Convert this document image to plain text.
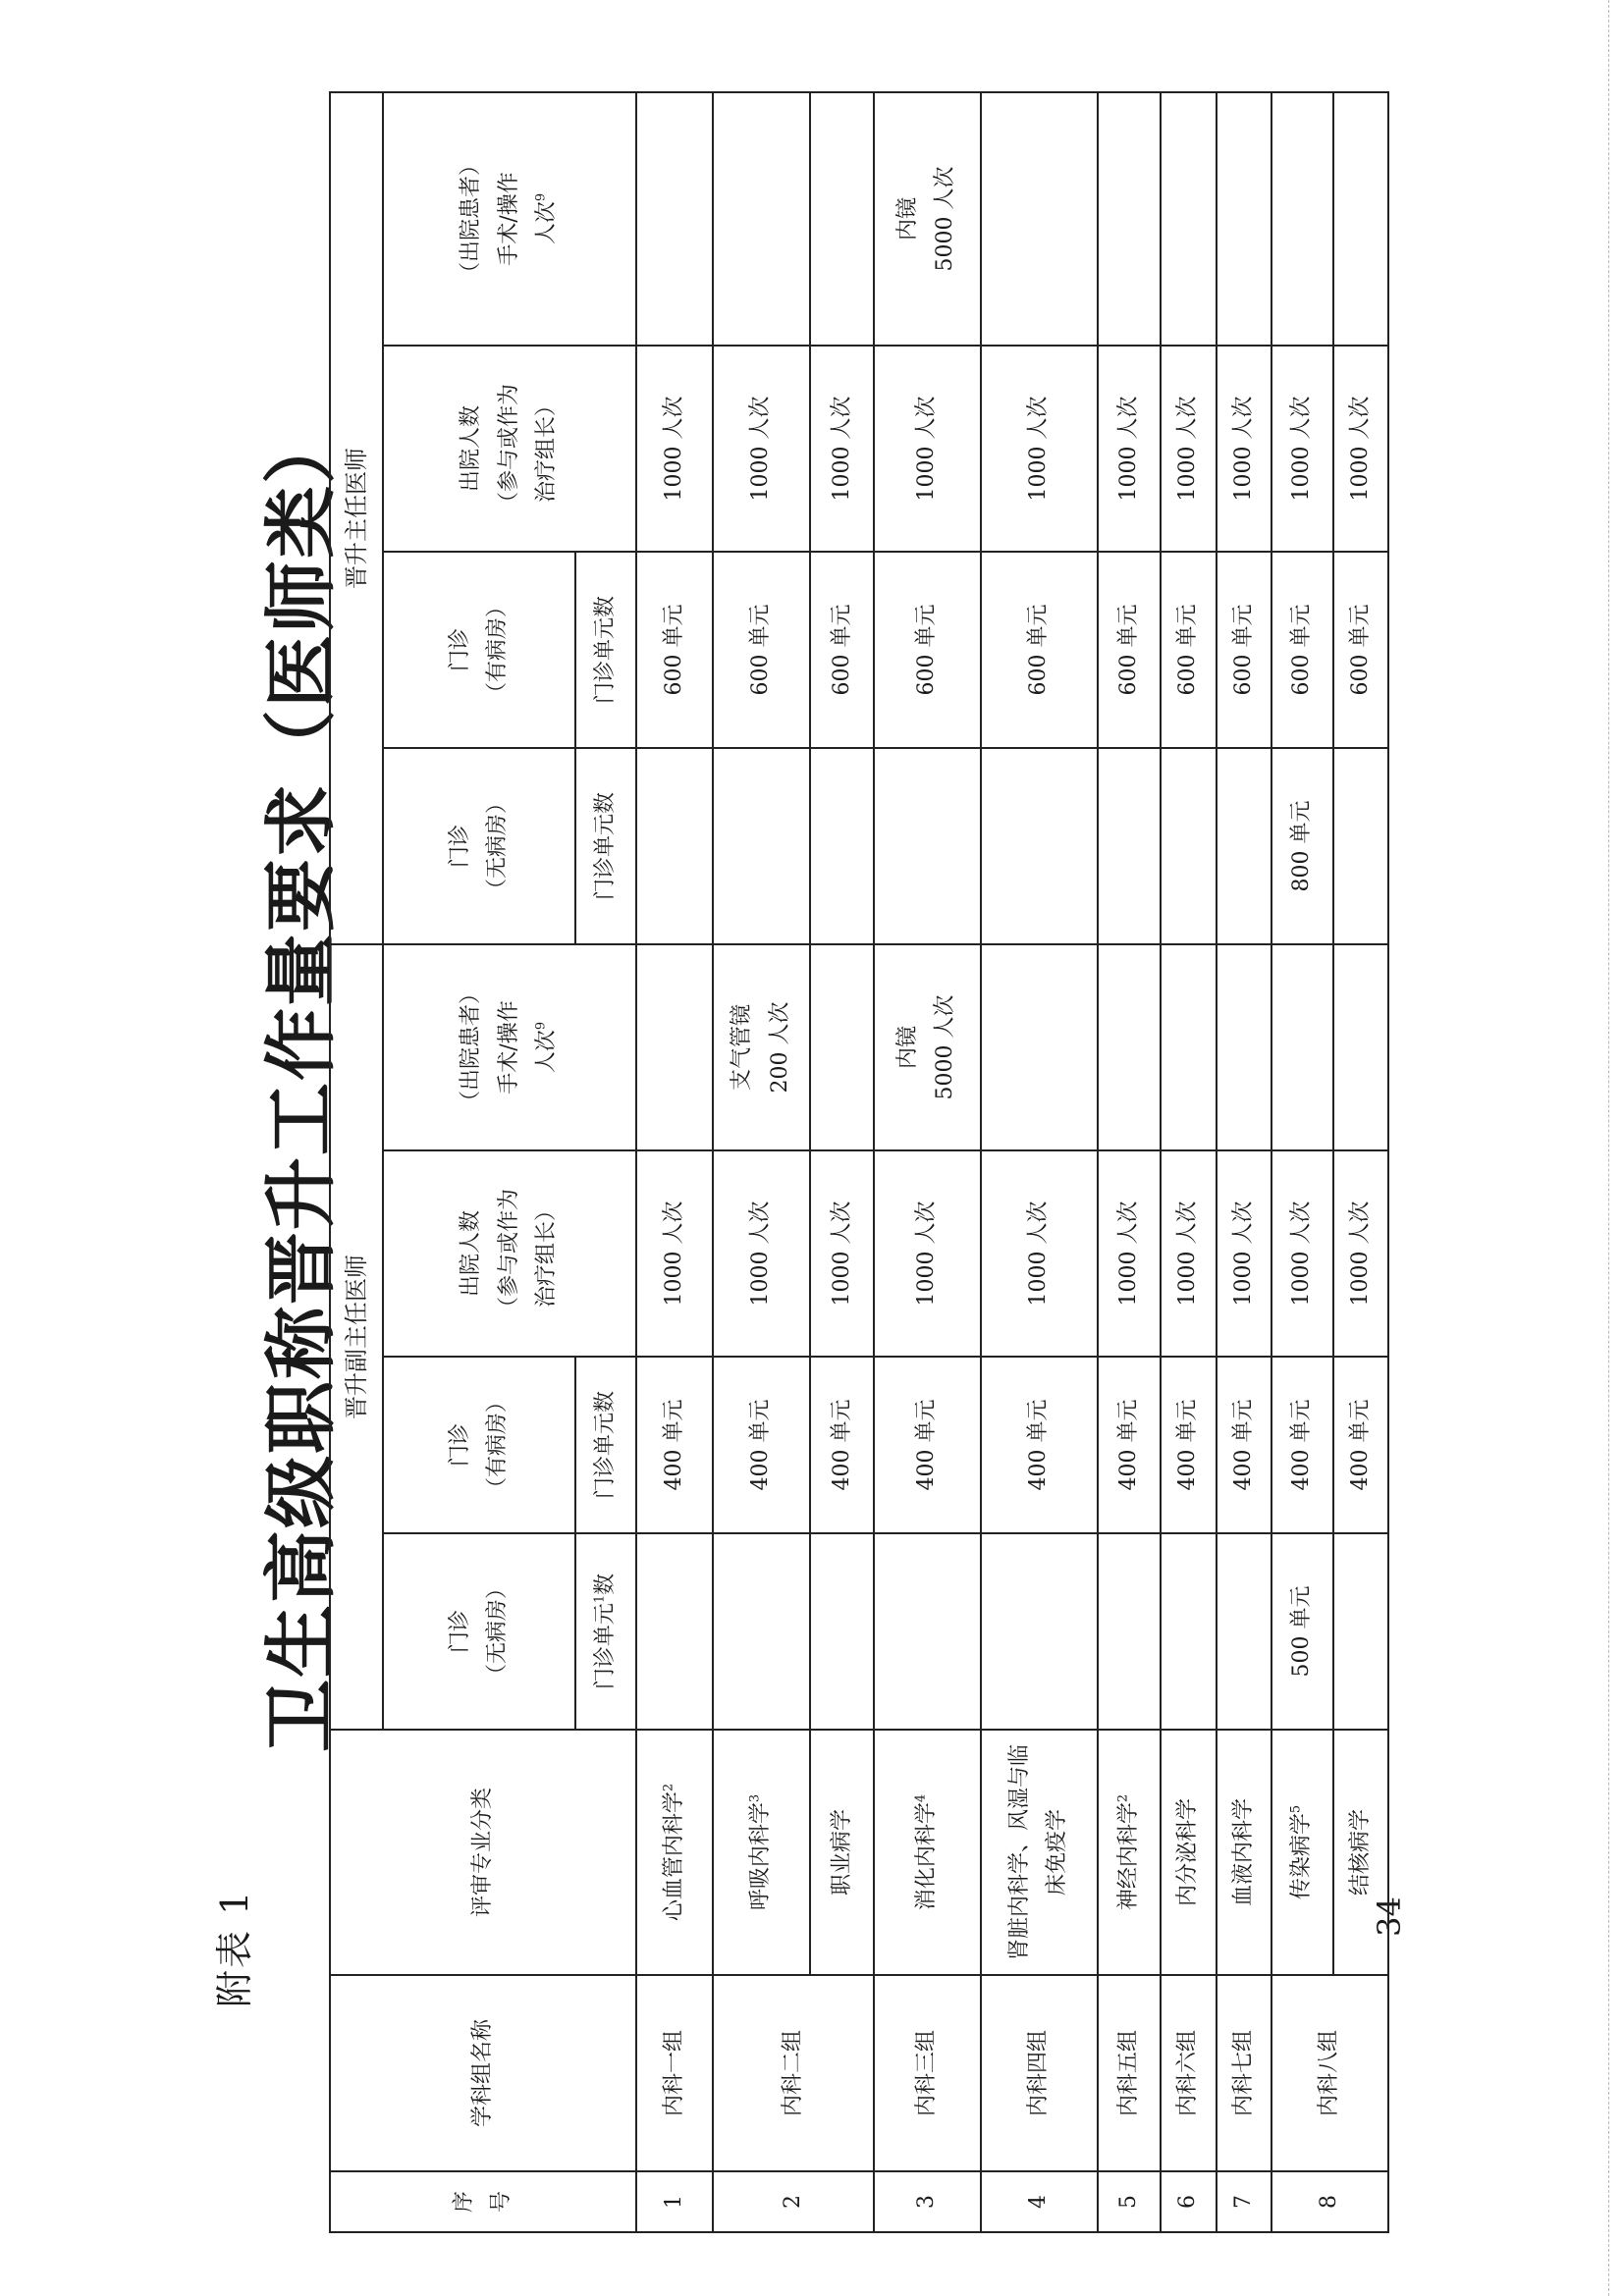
附表 1
卫生高级职称晋升工作量要求（医师类）
－ 34 －
序 号	学科组名称	评审专业分类	晋升副主任医师				晋升主任医师			

			门诊 （无病房）	门诊 （有病房）	出院人数 （参与或作为 治疗组长）	（出院患者） 手术/操作 人次$^9$	门诊 （无病房）	门诊 （有病房）	出院人数 （参与或作为 治疗组长）	（出院患者） 手术/操作 人次$^9$

			门诊单元$^1$数	门诊单元数			门诊单元数	门诊单元数		
1	内科一组	心血管内科学$^2$		400 单元	1000 人次			600 单元	1000 人次	
2	内科二组	呼吸内科学$^3$		400 单元	1000 人次	支气管镜 200 人次		600 单元	1000 人次	
		职业病学		400 单元	1000 人次			600 单元	1000 人次	
3	内科三组	消化内科学$^4$		400 单元	1000 人次	内镜 5000 人次		600 单元	1000 人次	内镜 5000 人次

4	内科四组	肾脏内科学、风湿与临床免疫学		400 单元	1000 人次			600 单元	1000 人次	
5	内科五组	神经内科学$^2$		400 单元	1000 人次			600 单元	1000 人次	
6	内科六组	内分泌科学		400 单元	1000 人次			600 单元	1000 人次	
7	内科七组	血液内科学		400 单元	1000 人次			600 单元	1000 人次	
8	内科八组	传染病学$^5$	500 单元	400 单元	1000 人次		800 单元	600 单元	1000 人次	
		结核病学		400 单元	1000 人次			600 单元	1000 人次	
